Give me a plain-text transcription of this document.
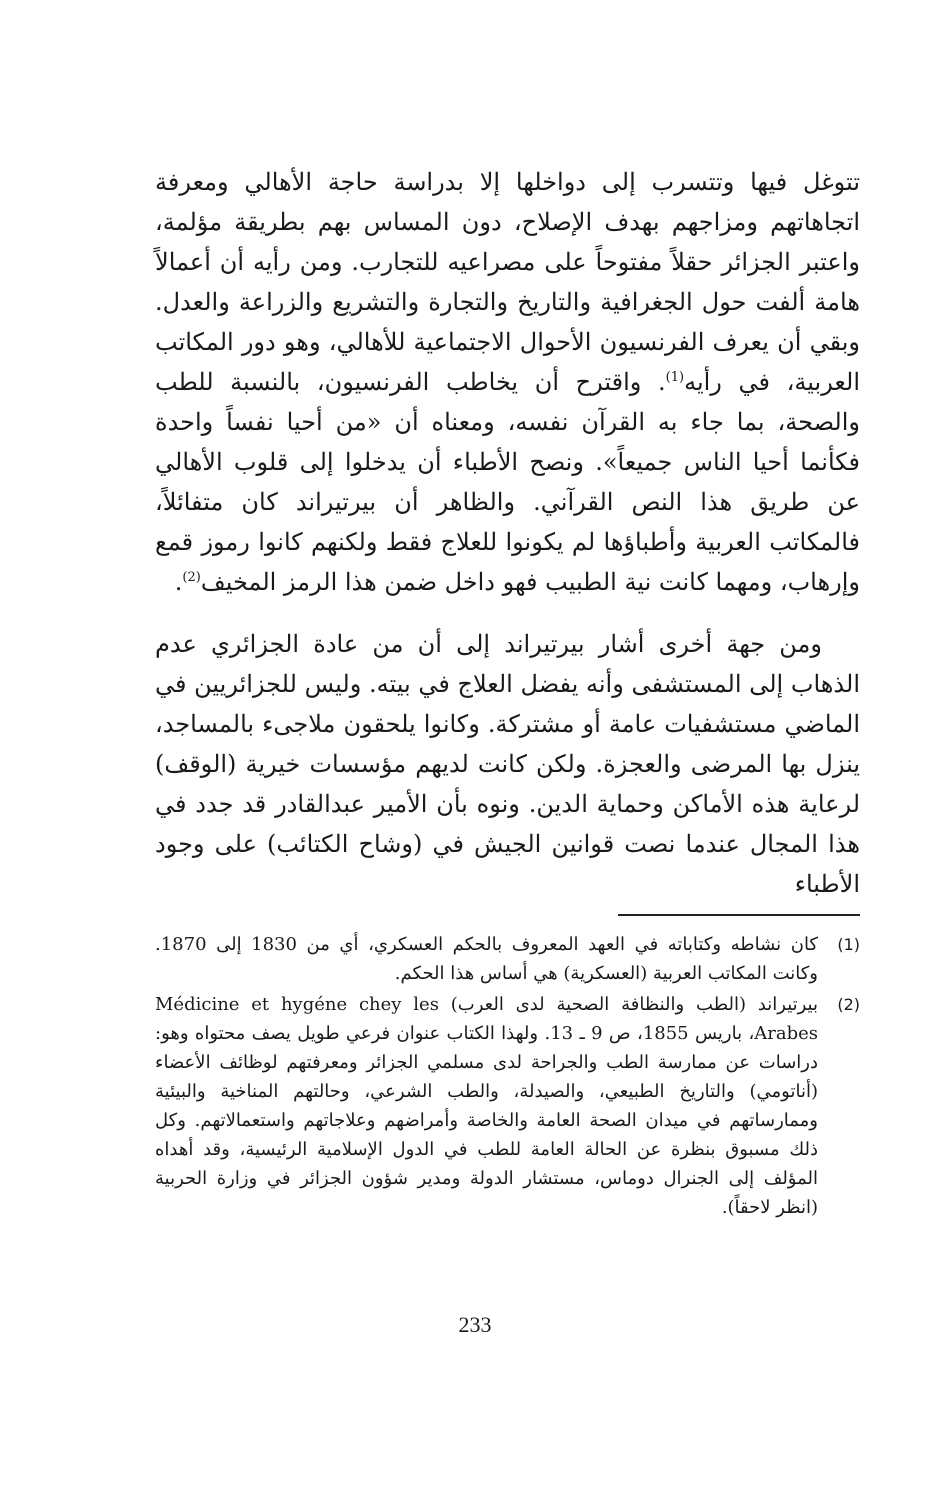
تتوغل فيها وتتسرب إلى دواخلها إلا بدراسة حاجة الأهالي ومعرفة اتجاهاتهم ومزاجهم بهدف الإصلاح، دون المساس بهم بطريقة مؤلمة، واعتبر الجزائر حقلاً مفتوحاً على مصراعيه للتجارب. ومن رأيه أن أعمالاً هامة ألفت حول الجغرافية والتاريخ والتجارة والتشريع والزراعة والعدل. وبقي أن يعرف الفرنسيون الأحوال الاجتماعية للأهالي، وهو دور المكاتب العربية، في رأيه$^{(1)}$. واقترح أن يخاطب الفرنسيون، بالنسبة للطب والصحة، بما جاء به القرآن نفسه، ومعناه أن «من أحيا نفساً واحدة فكأنما أحيا الناس جميعاً». ونصح الأطباء أن يدخلوا إلى قلوب الأهالي عن طريق هذا النص القرآني. والظاهر أن بيرتيراند كان متفائلاً، فالمكاتب العربية وأطباؤها لم يكونوا للعلاج فقط ولكنهم كانوا رموز قمع وإرهاب، ومهما كانت نية الطبيب فهو داخل ضمن هذا الرمز المخيف$^{(2)}$.

ومن جهة أخرى أشار بيرتيراند إلى أن من عادة الجزائري عدم الذهاب إلى المستشفى وأنه يفضل العلاج في بيته. وليس للجزائريين في الماضي مستشفيات عامة أو مشتركة. وكانوا يلحقون ملاجىء بالمساجد، ينزل بها المرضى والعجزة. ولكن كانت لديهم مؤسسات خيرية (الوقف) لرعاية هذه الأماكن وحماية الدين. ونوه بأن الأمير عبدالقادر قد جدد في هذا المجال عندما نصت قوانين الجيش في (وشاح الكتائب) على وجود الأطباء

(1)
كان نشاطه وكتاباته في العهد المعروف بالحكم العسكري، أي من 1830 إلى 1870. وكانت المكاتب العربية (العسكرية) هي أساس هذا الحكم.
(2)
بيرتيراند (الطب والنظافة الصحية لدى العرب) Médicine et hygéne chey les Arabes، باريس 1855، ص 9 ـ 13. ولهذا الكتاب عنوان فرعي طويل يصف محتواه وهو: دراسات عن ممارسة الطب والجراحة لدى مسلمي الجزائر ومعرفتهم لوظائف الأعضاء (أناتومي) والتاريخ الطبيعي، والصيدلة، والطب الشرعي، وحالتهم المناخية والبيئية وممارساتهم في ميدان الصحة العامة والخاصة وأمراضهم وعلاجاتهم واستعمالاتهم. وكل ذلك مسبوق بنظرة عن الحالة العامة للطب في الدول الإسلامية الرئيسية، وقد أهداه المؤلف إلى الجنرال دوماس، مستشار الدولة ومدير شؤون الجزائر في وزارة الحربية (انظر لاحقاً).
233
